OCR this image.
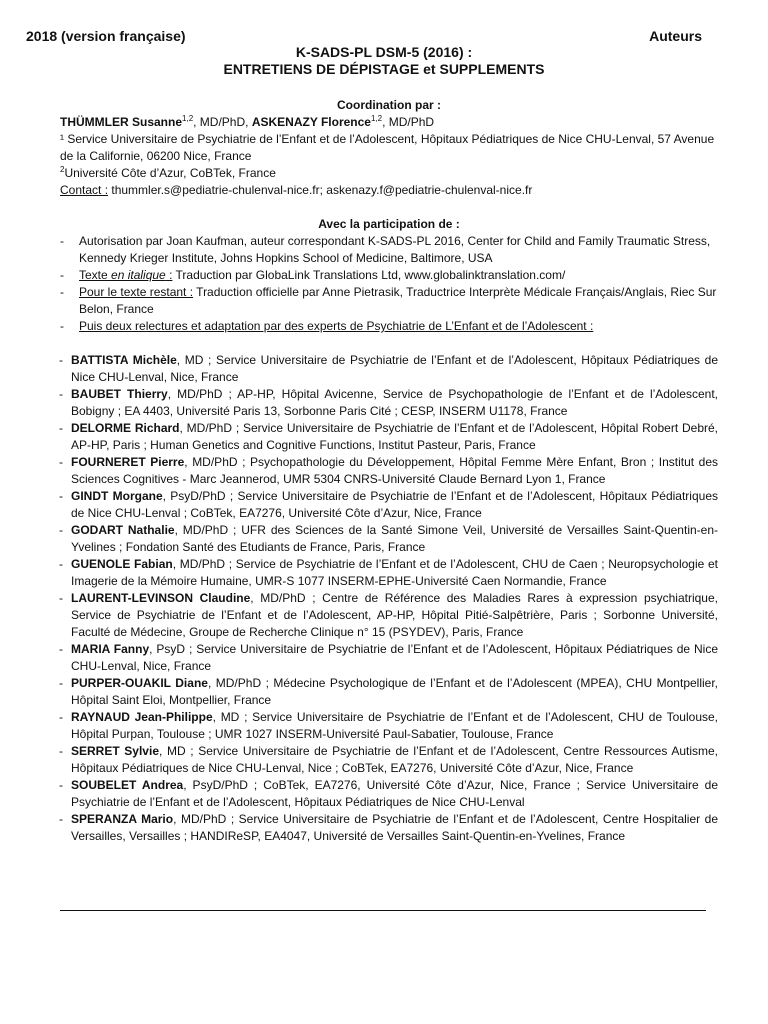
2018 (version française)	Auteurs
K-SADS-PL DSM-5 (2016) :
ENTRETIENS DE DÉPISTAGE et SUPPLEMENTS

Coordination par :

THÜMMLER Susanne$^{1,2}$, MD/PhD, ASKENAZY Florence$^{1,2}$, MD/PhD

¹ Service Universitaire de Psychiatrie de l’Enfant et de l’Adolescent, Hôpitaux Pédiatriques de Nice CHU-Lenval, 57 Avenue de la Californie, 06200 Nice, France

$^2$Université Côte d’Azur, CoBTek, France

Contact : thummler.s@pediatrie-chulenval-nice.fr; askenazy.f@pediatrie-chulenval-nice.fr

Avec la participation de :

- Autorisation par Joan Kaufman, auteur correspondant K-SADS-PL 2016, Center for Child and Family Traumatic Stress, Kennedy Krieger Institute, Johns Hopkins School of Medicine, Baltimore, USA
- Texte en italique : Traduction par GlobaLink Translations Ltd, www.globalinktranslation.com/
- Pour le texte restant : Traduction officielle par Anne Pietrasik, Traductrice Interprète Médicale Français/Anglais, Riec Sur Belon, France
- Puis deux relectures et adaptation par des experts de Psychiatrie de L’Enfant et de l’Adolescent :
- BATTISTA Michèle, MD ; Service Universitaire de Psychiatrie de l’Enfant et de l’Adolescent, Hôpitaux Pédiatriques de Nice CHU-Lenval, Nice, France
- BAUBET Thierry, MD/PhD ; AP-HP, Hôpital Avicenne, Service de Psychopathologie de l’Enfant et de l’Adolescent, Bobigny ; EA 4403, Université Paris 13, Sorbonne Paris Cité ; CESP, INSERM U1178, France
- DELORME Richard, MD/PhD ; Service Universitaire de Psychiatrie de l’Enfant et de l’Adolescent, Hôpital Robert Debré, AP-HP, Paris ; Human Genetics and Cognitive Functions, Institut Pasteur, Paris, France
- FOURNERET Pierre, MD/PhD ; Psychopathologie du Développement, Hôpital Femme Mère Enfant, Bron ; Institut des Sciences Cognitives - Marc Jeannerod, UMR 5304 CNRS-Université Claude Bernard Lyon 1, France
- GINDT Morgane, PsyD/PhD ; Service Universitaire de Psychiatrie de l’Enfant et de l’Adolescent, Hôpitaux Pédiatriques de Nice CHU-Lenval ; CoBTek, EA7276, Université Côte d’Azur, Nice, France
- GODART Nathalie, MD/PhD ; UFR des Sciences de la Santé Simone Veil, Université de Versailles Saint-Quentin-en-Yvelines ; Fondation Santé des Etudiants de France, Paris, France
- GUENOLE Fabian, MD/PhD ; Service de Psychiatrie de l’Enfant et de l’Adolescent, CHU de Caen ; Neuropsychologie et Imagerie de la Mémoire Humaine, UMR-S 1077 INSERM-EPHE-Université Caen Normandie, France
- LAURENT-LEVINSON Claudine, MD/PhD ; Centre de Référence des Maladies Rares à expression psychiatrique, Service de Psychiatrie de l’Enfant et de l’Adolescent, AP-HP, Hôpital Pitié-Salpêtrière, Paris ; Sorbonne Université, Faculté de Médecine, Groupe de Recherche Clinique n° 15 (PSYDEV), Paris, France
- MARIA Fanny, PsyD ; Service Universitaire de Psychiatrie de l’Enfant et de l’Adolescent, Hôpitaux Pédiatriques de Nice CHU-Lenval, Nice, France
- PURPER-OUAKIL Diane, MD/PhD ; Médecine Psychologique de l’Enfant et de l’Adolescent (MPEA), CHU Montpellier, Hôpital Saint Eloi, Montpellier, France
- RAYNAUD Jean-Philippe, MD ; Service Universitaire de Psychiatrie de l’Enfant et de l’Adolescent, CHU de Toulouse, Hôpital Purpan, Toulouse ; UMR 1027 INSERM-Université Paul-Sabatier, Toulouse, France
- SERRET Sylvie, MD ; Service Universitaire de Psychiatrie de l’Enfant et de l’Adolescent, Centre Ressources Autisme, Hôpitaux Pédiatriques de Nice CHU-Lenval, Nice ; CoBTek, EA7276, Université Côte d’Azur, Nice, France
- SOUBELET Andrea, PsyD/PhD ; CoBTek, EA7276, Université Côte d’Azur, Nice, France ; Service Universitaire de Psychiatrie de l’Enfant et de l’Adolescent, Hôpitaux Pédiatriques de Nice CHU-Lenval
- SPERANZA Mario, MD/PhD ; Service Universitaire de Psychiatrie de l’Enfant et de l’Adolescent, Centre Hospitalier de Versailles, Versailles ; HANDIReSP, EA4047, Université de Versailles Saint-Quentin-en-Yvelines, France
